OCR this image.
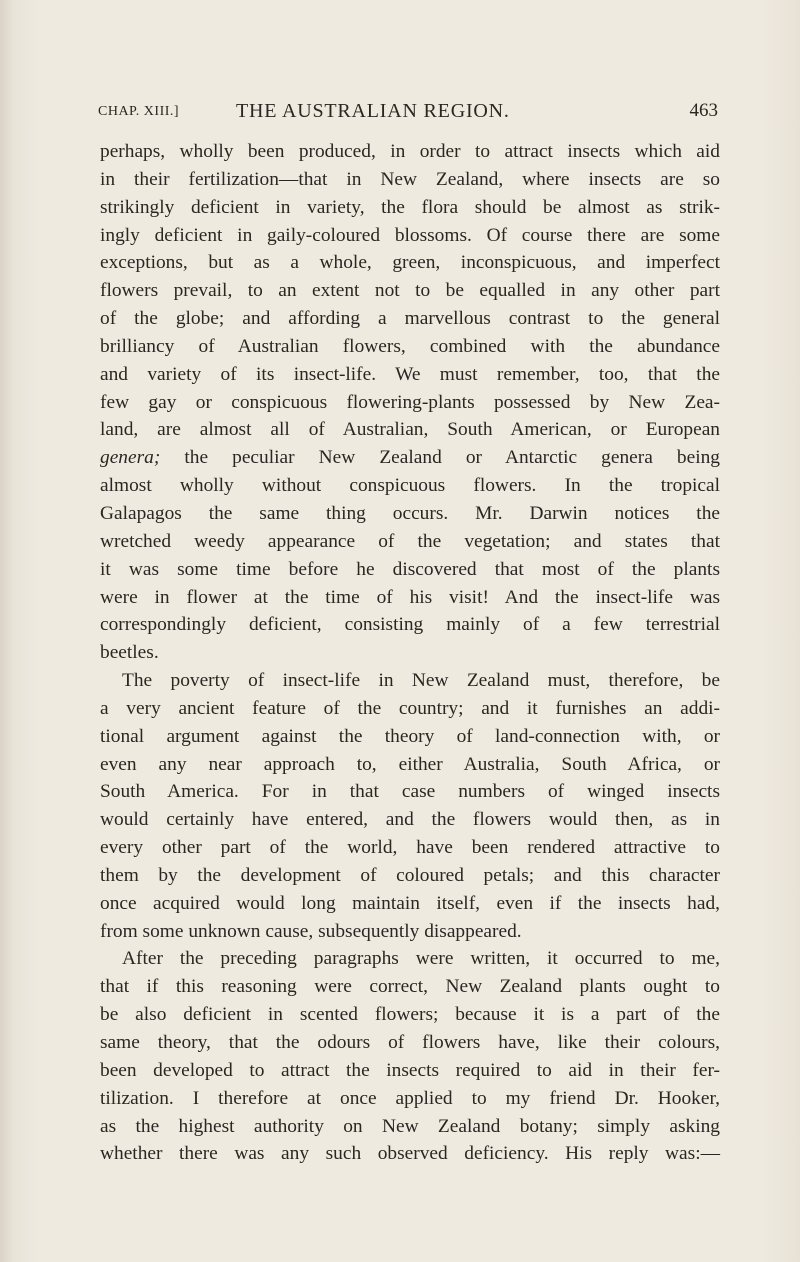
CHAP. XIII.]	THE AUSTRALIAN REGION.	463
perhaps, wholly been produced, in order to attract insects which aid
in their fertilization—that in New Zealand, where insects are so
strikingly deficient in variety, the flora should be almost as strik-
ingly deficient in gaily-coloured blossoms. Of course there are some
exceptions, but as a whole, green, inconspicuous, and imperfect
flowers prevail, to an extent not to be equalled in any other part
of the globe; and affording a marvellous contrast to the general
brilliancy of Australian flowers, combined with the abundance
and variety of its insect-life. We must remember, too, that the
few gay or conspicuous flowering-plants possessed by New Zea-
land, are almost all of Australian, South American, or European
genera; the peculiar New Zealand or Antarctic genera being
almost wholly without conspicuous flowers. In the tropical
Galapagos the same thing occurs. Mr. Darwin notices the
wretched weedy appearance of the vegetation; and states that
it was some time before he discovered that most of the plants
were in flower at the time of his visit! And the insect-life was
correspondingly deficient, consisting mainly of a few terrestrial
beetles.
The poverty of insect-life in New Zealand must, therefore, be
a very ancient feature of the country; and it furnishes an addi-
tional argument against the theory of land-connection with, or
even any near approach to, either Australia, South Africa, or
South America. For in that case numbers of winged insects
would certainly have entered, and the flowers would then, as in
every other part of the world, have been rendered attractive to
them by the development of coloured petals; and this character
once acquired would long maintain itself, even if the insects had,
from some unknown cause, subsequently disappeared.
After the preceding paragraphs were written, it occurred to me,
that if this reasoning were correct, New Zealand plants ought to
be also deficient in scented flowers; because it is a part of the
same theory, that the odours of flowers have, like their colours,
been developed to attract the insects required to aid in their fer-
tilization. I therefore at once applied to my friend Dr. Hooker,
as the highest authority on New Zealand botany; simply asking
whether there was any such observed deficiency. His reply was:—
